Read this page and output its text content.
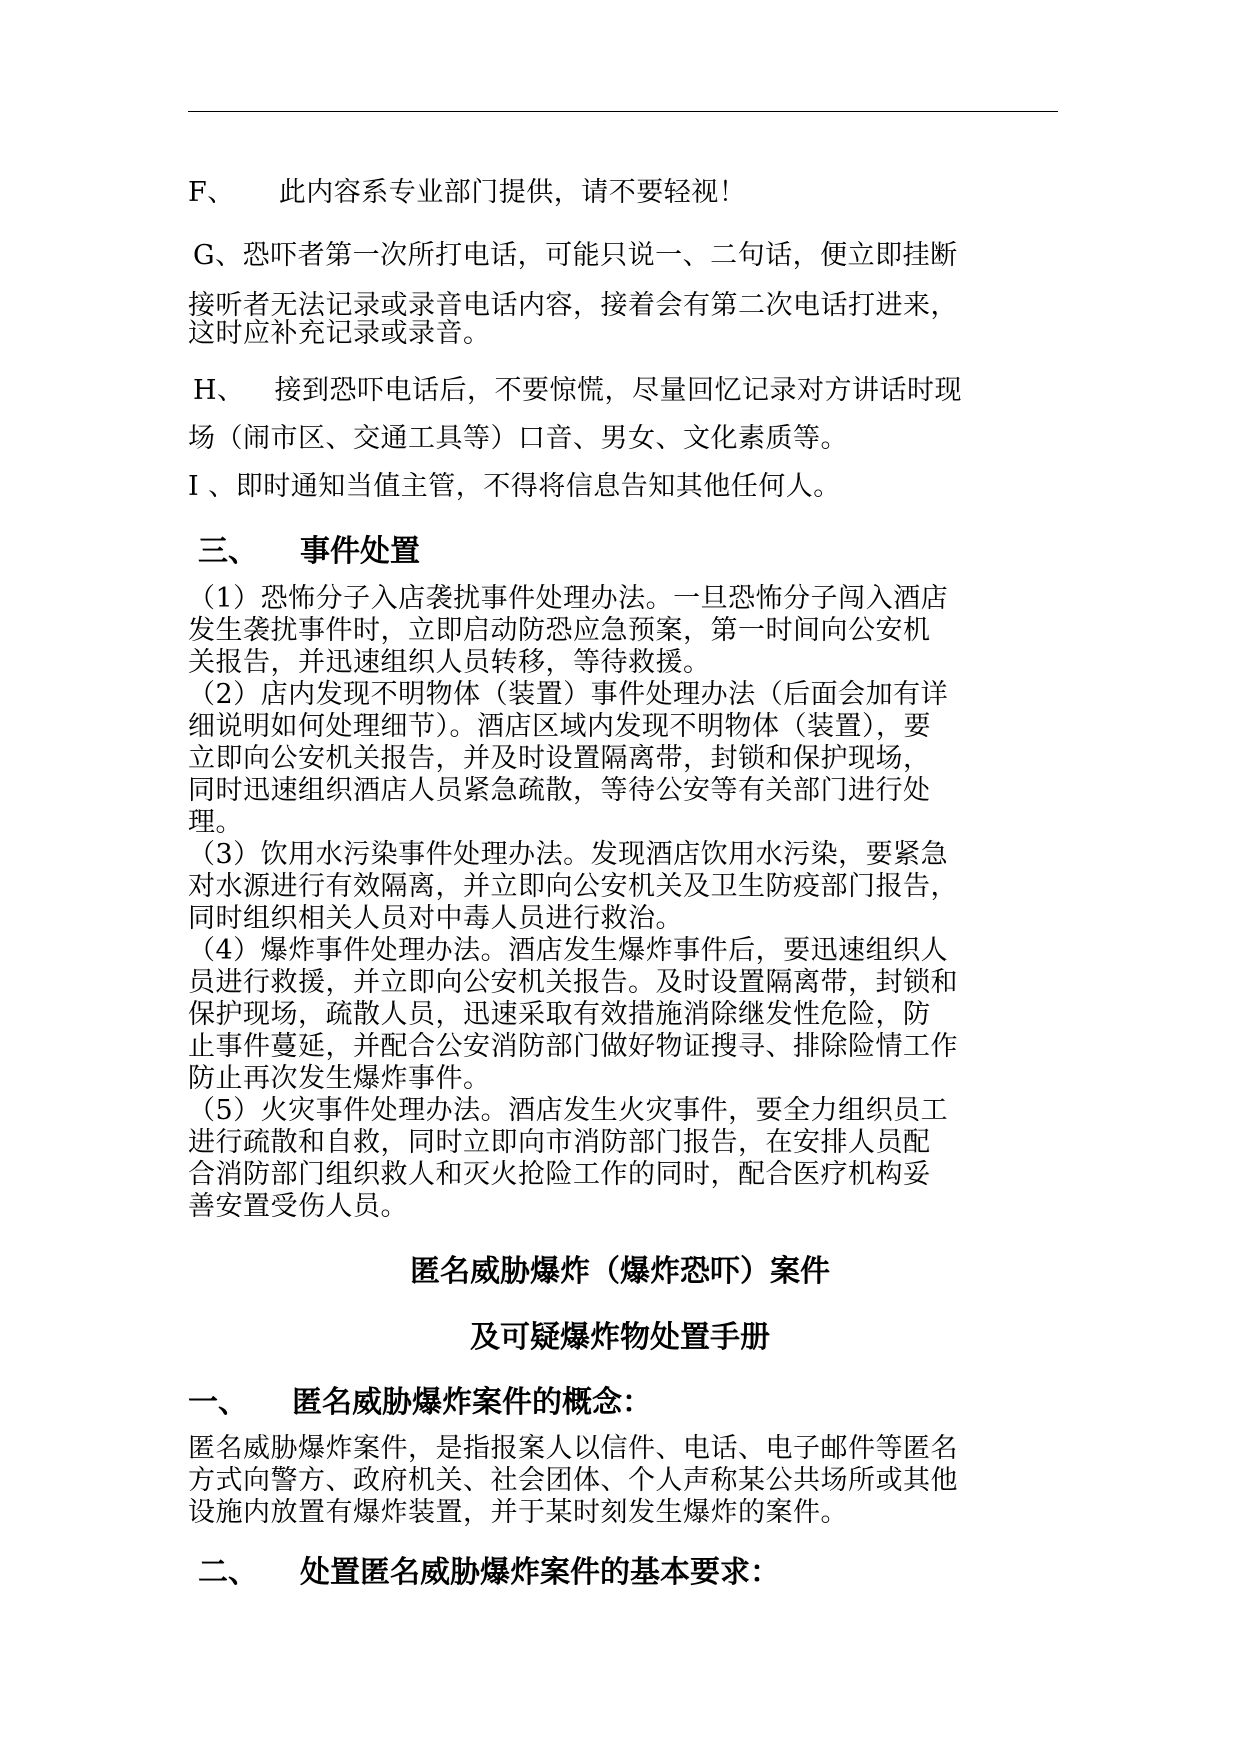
F、 此内容系专业部门提供，请不要轻视！
G、恐吓者第一次所打电话，可能只说一、二句话，便立即挂断
接听者无法记录或录音电话内容，接着会有第二次电话打进来，
这时应补充记录或录音。
H、 接到恐吓电话后，不要惊慌，尽量回忆记录对方讲话时现
场（闹市区、交通工具等）口音、男女、文化素质等。
I 、即时通知当值主管，不得将信息告知其他任何人。
三、 事件处置
（1）恐怖分子入店袭扰事件处理办法。一旦恐怖分子闯入酒店
发生袭扰事件时，立即启动防恐应急预案，第一时间向公安机
关报告，并迅速组织人员转移，等待救援。
（2）店内发现不明物体（装置）事件处理办法（后面会加有详
细说明如何处理细节）。酒店区域内发现不明物体（装置），要
立即向公安机关报告，并及时设置隔离带，封锁和保护现场，
同时迅速组织酒店人员紧急疏散，等待公安等有关部门进行处
理。
（3）饮用水污染事件处理办法。发现酒店饮用水污染，要紧急
对水源进行有效隔离，并立即向公安机关及卫生防疫部门报告，
同时组织相关人员对中毒人员进行救治。
（4）爆炸事件处理办法。酒店发生爆炸事件后，要迅速组织人
员进行救援，并立即向公安机关报告。及时设置隔离带，封锁和
保护现场，疏散人员，迅速采取有效措施消除继发性危险，防
止事件蔓延，并配合公安消防部门做好物证搜寻、排除险情工作
防止再次发生爆炸事件。
（5）火灾事件处理办法。酒店发生火灾事件，要全力组织员工
进行疏散和自救，同时立即向市消防部门报告，在安排人员配
合消防部门组织救人和灭火抢险工作的同时，配合医疗机构妥
善安置受伤人员。
匿名威胁爆炸（爆炸恐吓）案件
及可疑爆炸物处置手册
一、 匿名威胁爆炸案件的概念：
匿名威胁爆炸案件，是指报案人以信件、电话、电子邮件等匿名
方式向警方、政府机关、社会团体、个人声称某公共场所或其他
设施内放置有爆炸装置，并于某时刻发生爆炸的案件。
二、 处置匿名威胁爆炸案件的基本要求：
